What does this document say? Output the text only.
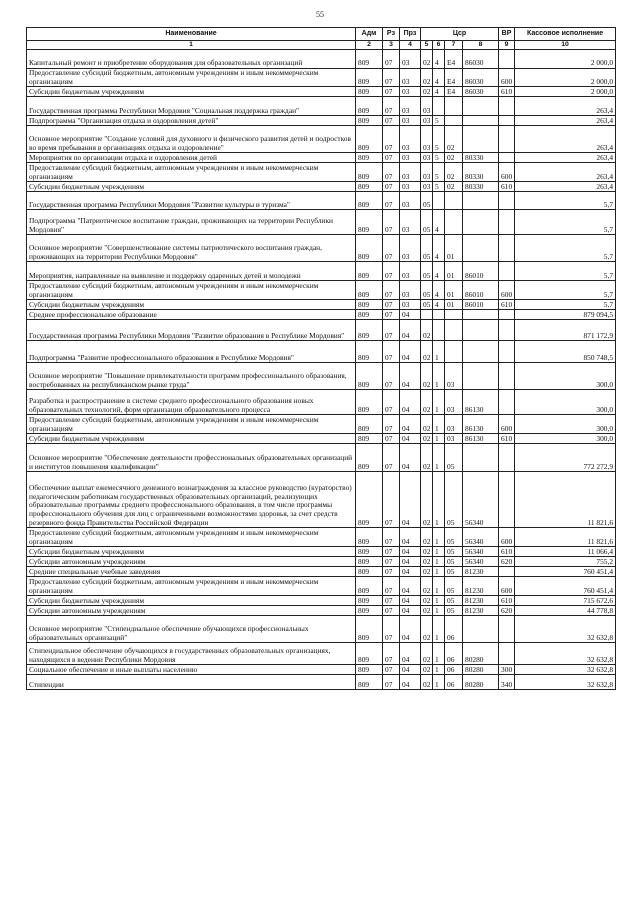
55
Наименование	Адм	Рз	Прз	Цср				ВР	Кассовое исполнение
1	2	3	4	5	6	7	8	9	10
Капитальный ремонт и приобретение оборудования для образовательных организаций	809	07	03	02	4	Е4	86030		2 000,0
Предоставление субсидий бюджетным, автономным учреждениям и иным некоммерческим организациям	809	07	03	02	4	Е4	86030	600	2 000,0
Субсидии бюджетным учреждениям	809	07	03	02	4	Е4	86030	610	2 000,0
Государственная программа Республики Мордовия "Социальная поддержка граждан"	809	07	03	03					263,4
Подпрограмма "Организация отдыха и оздоровления детей"	809	07	03	03	5				263,4
Основное мероприятие "Создание условий для духовного и физического развития детей и подростков во время пребывания в организациях отдыха и оздоровление"	809	07	03	03	5	02			263,4
Мероприятия по организации отдыха и оздоровления детей	809	07	03	03	5	02	80330		263,4
Предоставление субсидий бюджетным, автономным учреждениям и иным некоммерческим организациям	809	07	03	03	5	02	80330	600	263,4
Субсидии бюджетным учреждениям	809	07	03	03	5	02	80330	610	263,4
Государственная программа Республики Мордовия "Развитие культуры и туризма"	809	07	03	05					5,7
Подпрограмма "Патриотическое воспитание граждан, проживающих на территории Республики Мордовия"	809	07	03	05	4				5,7
Основное мероприятие "Совершенствование системы патриотического воспитания граждан, проживающих на территории Республики Мордовия"	809	07	03	05	4	01			5,7
Мероприятия, направленные на выявление и поддержку одаренных детей и молодежи	809	07	03	05	4	01	86010		5,7
Предоставление субсидий бюджетным, автономным учреждениям и иным некоммерческим организациям	809	07	03	05	4	01	86010	600	5,7
Субсидии бюджетным учреждениям	809	07	03	05	4	01	86010	610	5,7
Среднее профессиональное образование	809	07	04						879 094,5
Государственная программа Республики Мордовия "Развитие образования в Республике Мордовия"	809	07	04	02					871 172,9
Подпрограмма "Развитие профессионального образования в Республике Мордовия"	809	07	04	02	1				850 748,5
Основное мероприятие "Повышение привлекательности программ профессионального образования, востребованных на республиканском рынке труда"	809	07	04	02	1	03			300,0
Разработка и распространение в системе среднего профессионального образования новых образовательных технологий, форм организации образовательного процесса	809	07	04	02	1	03	86130		300,0
Предоставление субсидий бюджетным, автономным учреждениям и иным некоммерческим организациям	809	07	04	02	1	03	86130	600	300,0
Субсидии бюджетным учреждениям	809	07	04	02	1	03	86130	610	300,0
Основное мероприятие "Обеспечение деятельности профессиональных образовательных организаций и институтов повышения квалификации"	809	07	04	02	1	05			772 272,9
Обеспечение выплат ежемесячного денежного вознаграждения за классное руководство (кураторство) педагогическим работникам государственных образовательных организаций, реализующих образовательные программы среднего профессионального образования, в том числе программы профессионального обучения для лиц с ограниченными возможностями здоровья, за счет средств резервного фонда Правительства Российской Федерации	809	07	04	02	1	05	56340		11 821,6
Предоставление субсидий бюджетным, автономным учреждениям и иным некоммерческим организациям	809	07	04	02	1	05	56340	600	11 821,6
Субсидии бюджетным учреждениям	809	07	04	02	1	05	56340	610	11 066,4
Субсидии автономным учреждениям	809	07	04	02	1	05	56340	620	755,2
Средние специальные учебные заведения	809	07	04	02	1	05	81230		760 451,4
Предоставление субсидий бюджетным, автономным учреждениям и иным некоммерческим организациям	809	07	04	02	1	05	81230	600	760 451,4
Субсидии бюджетным учреждениям	809	07	04	02	1	05	81230	610	715 672,6
Субсидии автономным учреждениям	809	07	04	02	1	05	81230	620	44 778,8
Основное мероприятие "Стипендиальное обеспечение обучающихся профессиональных образовательных организаций"	809	07	04	02	1	06			32 632,8
Стипендиальное обеспечение обучающихся в государственных образовательных организациях, находящихся в ведении Республики Мордовия	809	07	04	02	1	06	80280		32 632,8
Социальное обеспечение и иные выплаты населению	809	07	04	02	1	06	80280	300	32 632,8
Стипендии	809	07	04	02	1	06	80280	340	32 632,8
